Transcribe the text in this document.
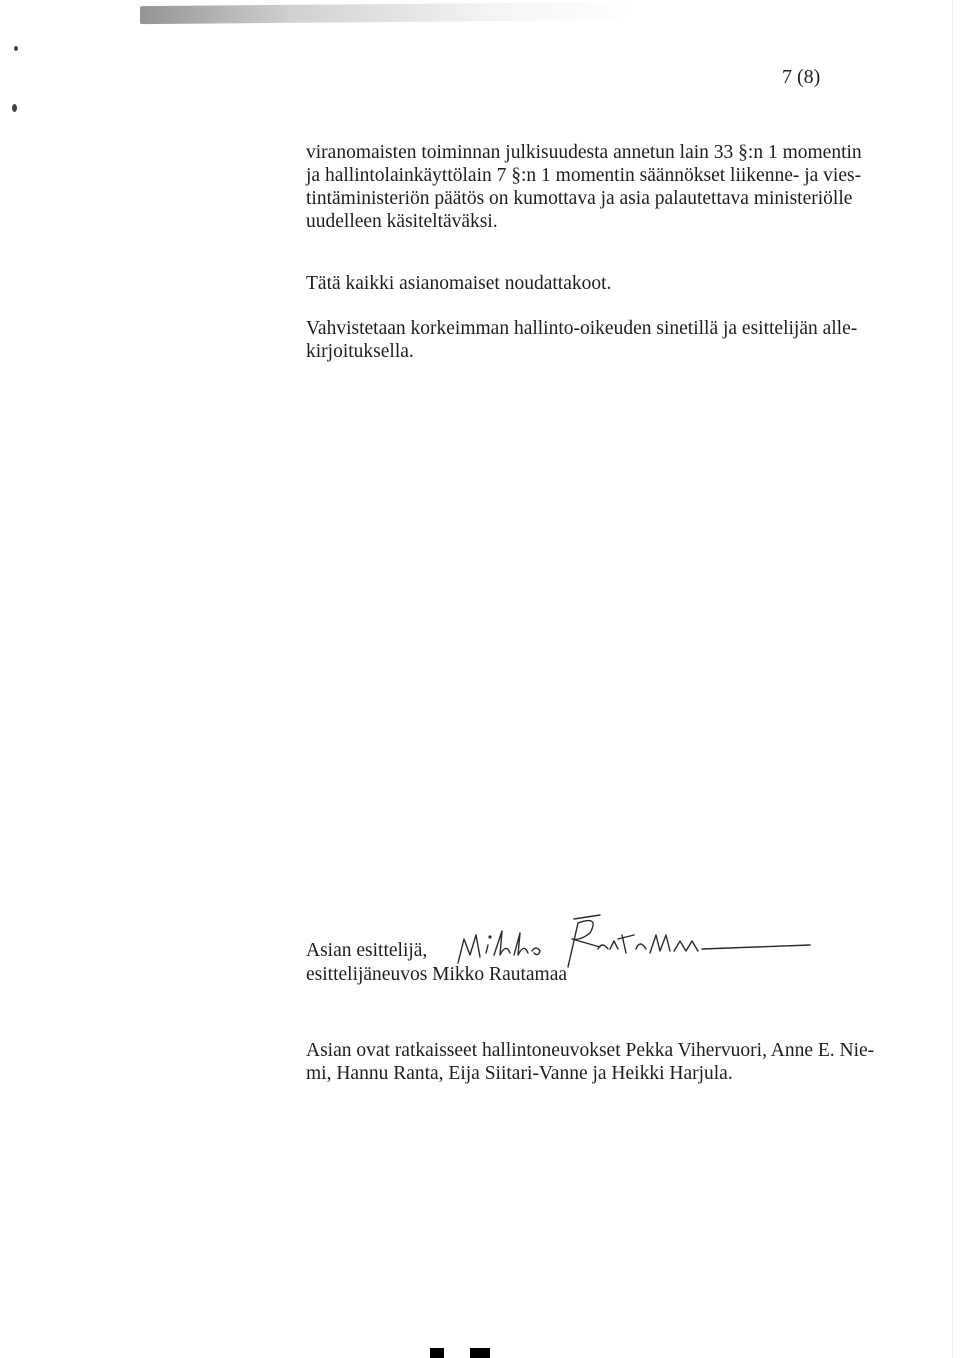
7 (8)

viranomaisten toiminnan julkisuudesta annetun lain 33 §:n 1 momentin
ja hallintolainkäyttölain 7 §:n 1 momentin säännökset liikenne- ja vies-
tintäministeriön päätös on kumottava ja asia palautettava ministeriölle
uudelleen käsiteltäväksi.

Tätä kaikki asianomaiset noudattakoot.

Vahvistetaan korkeimman hallinto-oikeuden sinetillä ja esittelijän alle-
kirjoituksella.

Asian esittelijä,
esittelijäneuvos Mikko Rautamaa

Asian ovat ratkaisseet hallintoneuvokset Pekka Vihervuori, Anne E. Nie-
mi, Hannu Ranta, Eija Siitari-Vanne ja Heikki Harjula.
